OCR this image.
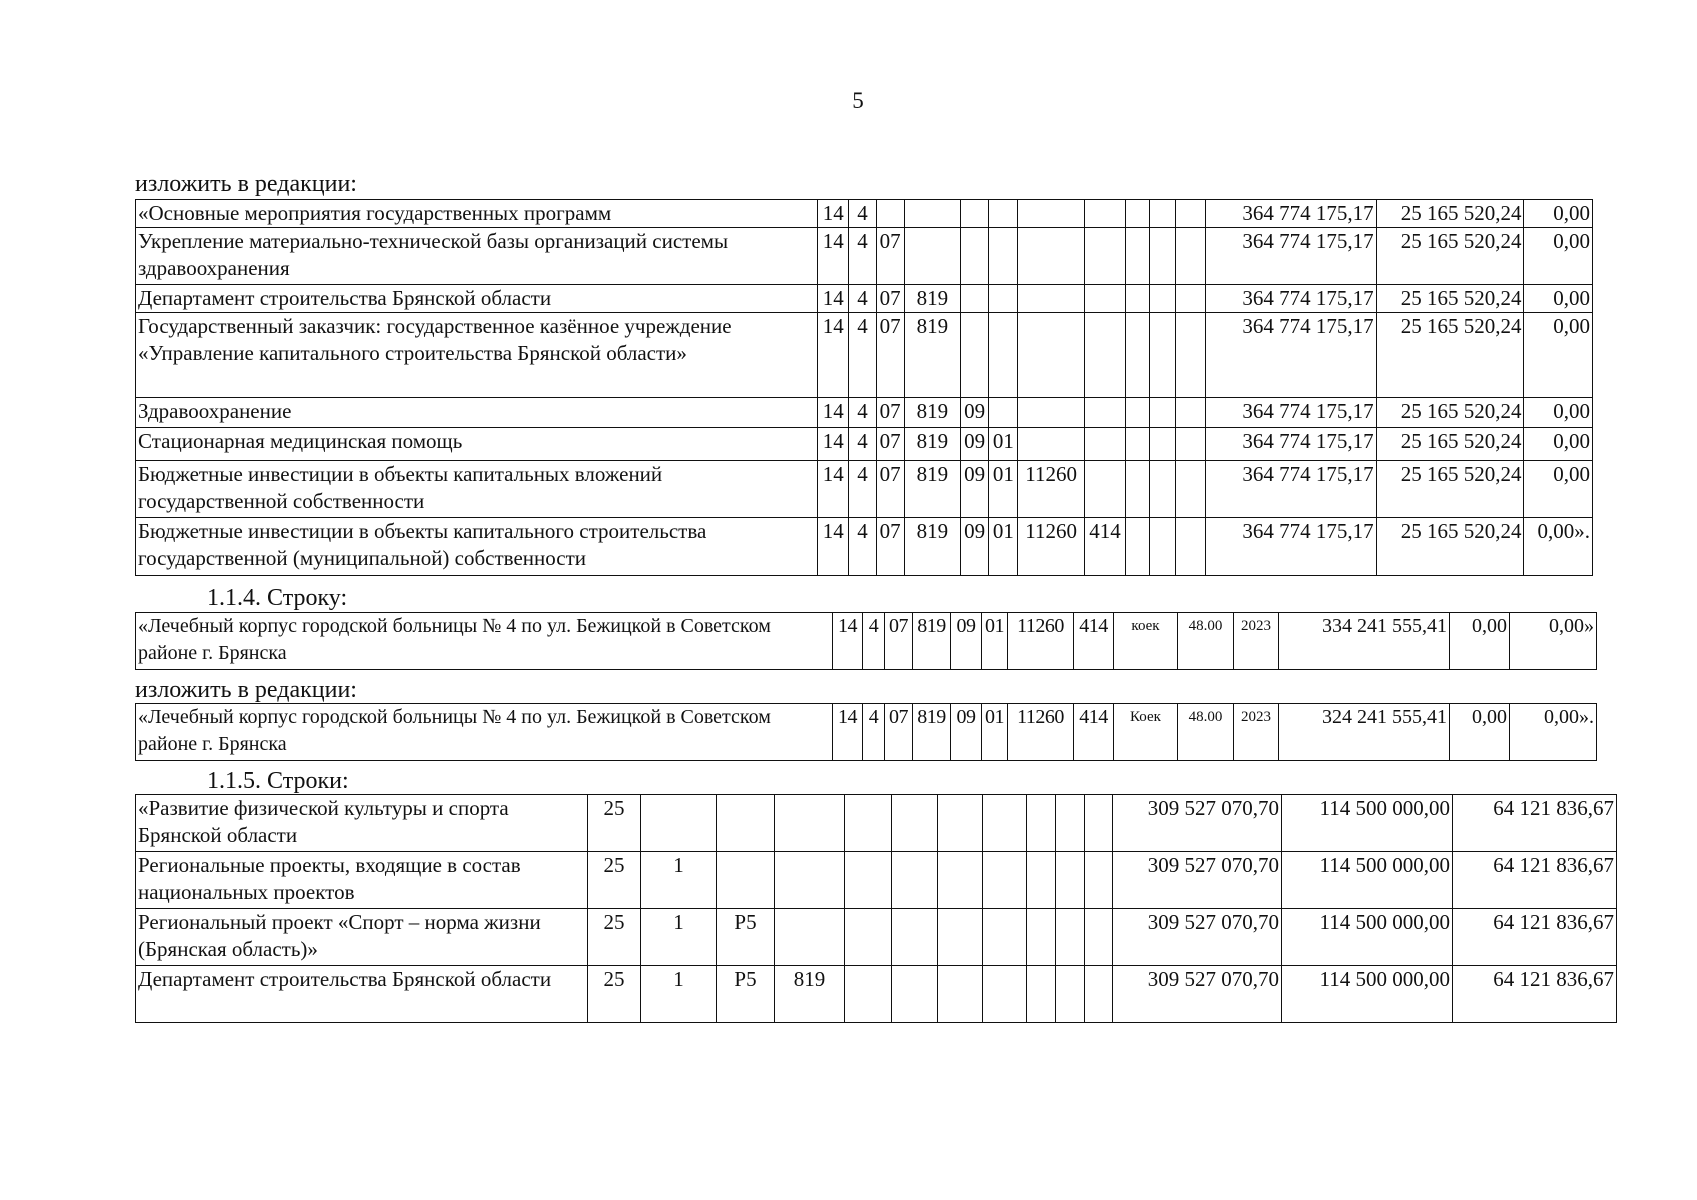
5
изложить в редакции:
«Основные мероприятия государственных программ	14	4										364 774 175,17	25 165 520,24	0,00
Укрепление материально-технической базы организаций системы здравоохранения	14	4	07									364 774 175,17	25 165 520,24	0,00
Департамент строительства Брянской области	14	4	07	819								364 774 175,17	25 165 520,24	0,00
Государственный заказчик: государственное казённое учреждение «Управление капитального строительства Брянской области»	14	4	07	819								364 774 175,17	25 165 520,24	0,00
Здравоохранение	14	4	07	819	09							364 774 175,17	25 165 520,24	0,00
Стационарная медицинская помощь	14	4	07	819	09	01						364 774 175,17	25 165 520,24	0,00
Бюджетные инвестиции в объекты капитальных вложений государственной собственности	14	4	07	819	09	01	11260					364 774 175,17	25 165 520,24	0,00
Бюджетные инвестиции в объекты капитального строительства государственной (муниципальной) собственности	14	4	07	819	09	01	11260	414				364 774 175,17	25 165 520,24	0,00».
1.1.4. Строку:
«Лечебный корпус городской больницы № 4 по ул. Бежицкой в Советском районе г. Брянска	14	4	07	819	09	01	11260	414	коек	48.00	2023	334 241 555,41	0,00	0,00»
изложить в редакции:
«Лечебный корпус городской больницы № 4 по ул. Бежицкой в Советском районе г. Брянска	14	4	07	819	09	01	11260	414	Коек	48.00	2023	324 241 555,41	0,00	0,00».
1.1.5. Строки:
«Развитие физической культуры и спорта Брянской области	25											309 527 070,70	114 500 000,00	64 121 836,67
Региональные проекты, входящие в состав национальных проектов	25	1										309 527 070,70	114 500 000,00	64 121 836,67
Региональный проект «Спорт – норма жизни (Брянская область)»	25	1	Р5									309 527 070,70	114 500 000,00	64 121 836,67
Департамент строительства Брянской области	25	1	Р5	819								309 527 070,70	114 500 000,00	64 121 836,67
